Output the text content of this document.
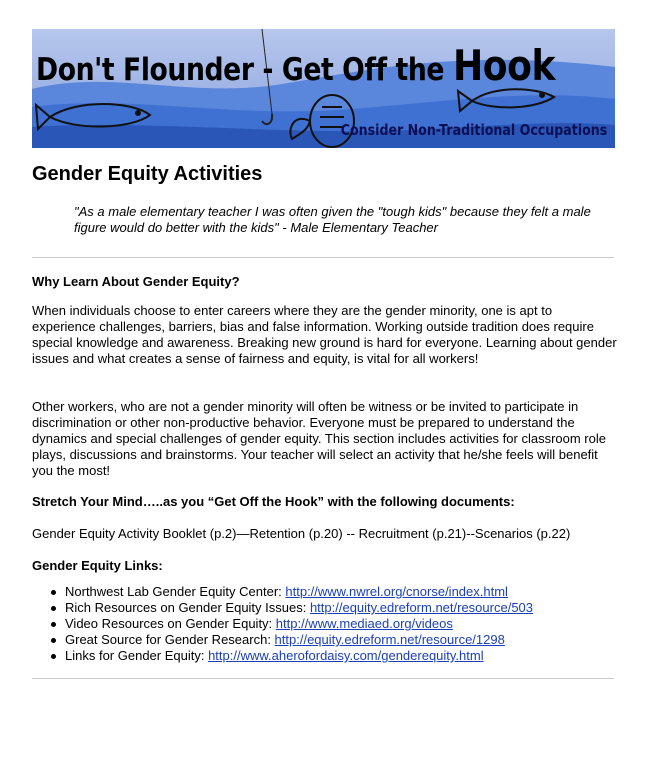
Don't Flounder - Get Off the Hook
Consider Non-Traditional Occupations
Gender Equity Activities
"As a male elementary teacher I was often given the "tough kids" because they felt a male figure would do better with the kids" - Male Elementary Teacher
Why Learn About Gender Equity?
When individuals choose to enter careers where they are the gender minority, one is apt to experience challenges, barriers, bias and false information. Working outside tradition does require special knowledge and awareness. Breaking new ground is hard for everyone. Learning about gender issues and what creates a sense of fairness and equity, is vital for all workers!
Other workers, who are not a gender minority will often be witness or be invited to participate in discrimination or other non-productive behavior. Everyone must be prepared to understand the dynamics and special challenges of gender equity. This section includes activities for classroom role plays, discussions and brainstorms. Your teacher will select an activity that he/she feels will benefit you the most!
Stretch Your Mind…..as you “Get Off the Hook” with the following documents:
Gender Equity Activity Booklet (p.2)—Retention (p.20) -- Recruitment (p.21)--Scenarios (p.22)
Gender Equity Links:
Northwest Lab Gender Equity Center: http://www.nwrel.org/cnorse/index.html
Rich Resources on Gender Equity Issues: http://equity.edreform.net/resource/503
Video Resources on Gender Equity: http://www.mediaed.org/videos
Great Source for Gender Research: http://equity.edreform.net/resource/1298
Links for Gender Equity: http://www.aherofordaisy.com/genderequity.html
